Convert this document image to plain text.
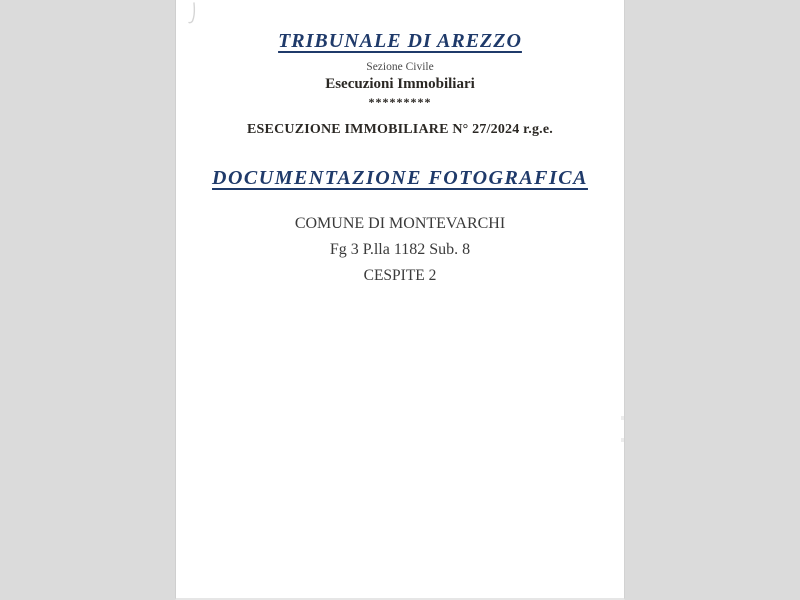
TRIBUNALE DI AREZZO
Sezione Civile
Esecuzioni Immobiliari
*********
ESECUZIONE IMMOBILIARE N° 27/2024 r.g.e.
DOCUMENTAZIONE FOTOGRAFICA
COMUNE DI MONTEVARCHI
Fg 3 P.lla 1182 Sub. 8
CESPITE 2
